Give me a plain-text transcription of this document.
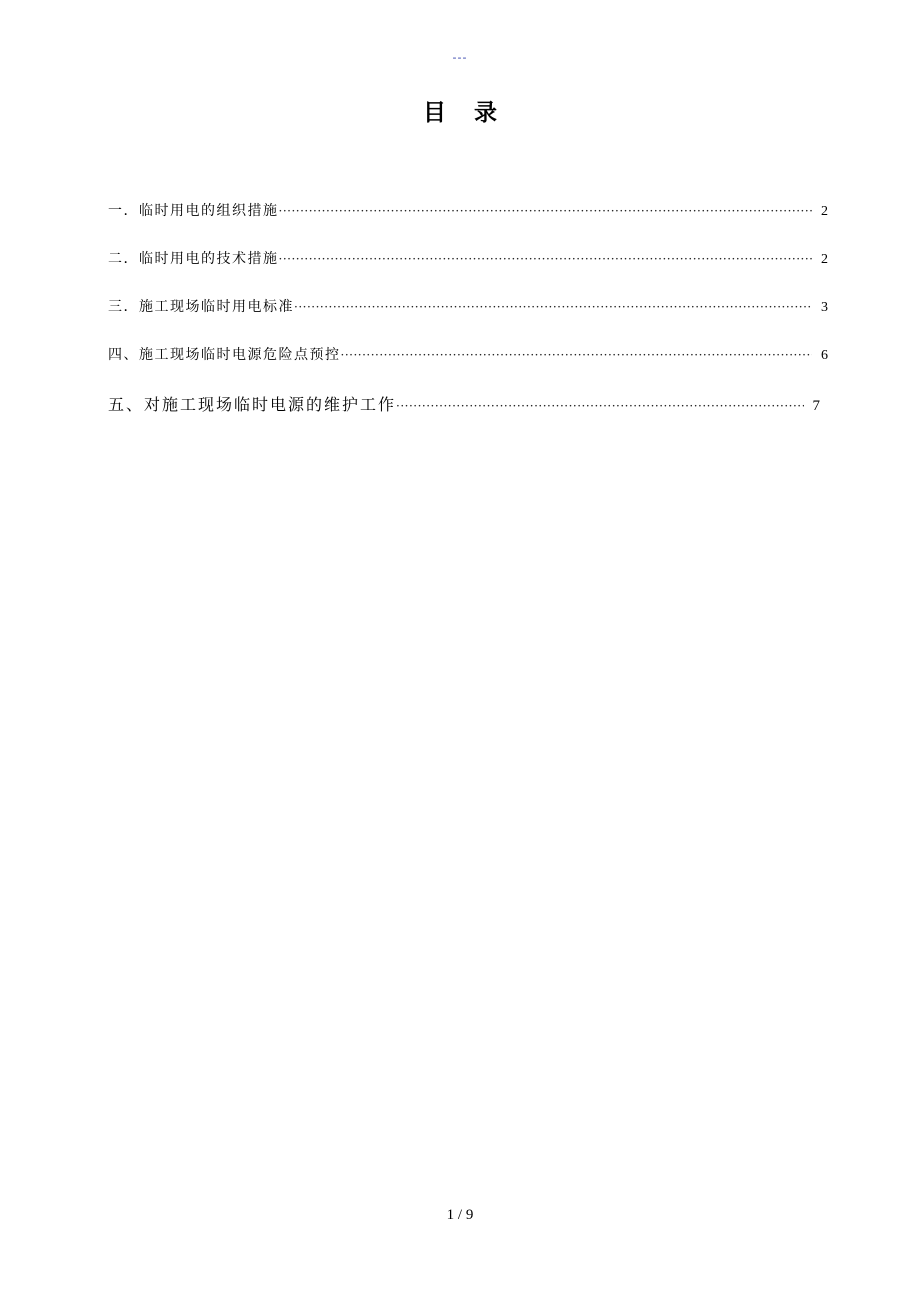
---
目录
一．临时用电的组织措施 ·····	2
二．临时用电的技术措施 ·····	2
三．施工现场临时用电标准 ·····	3
四、施工现场临时电源危险点预控 ·····	6
五、对施工现场临时电源的维护工作 ·····	7
1 / 9
